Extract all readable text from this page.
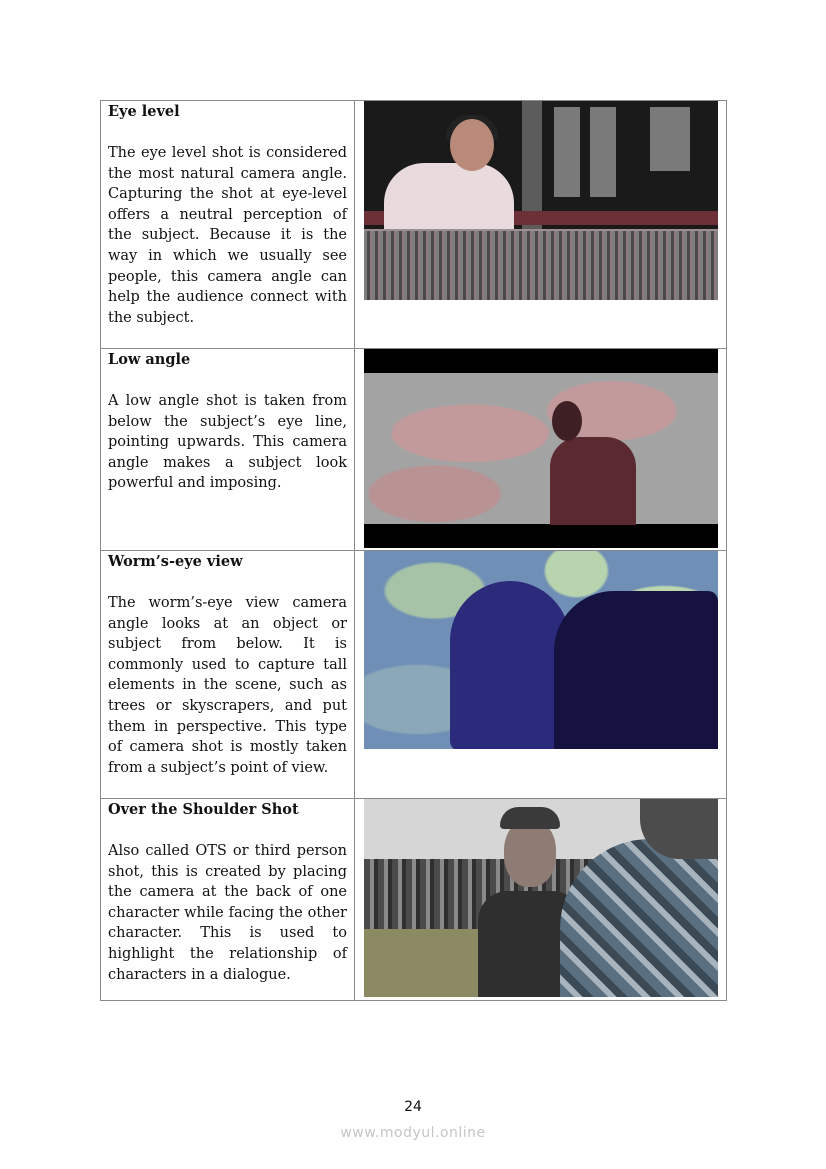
Eye level

The eye level shot is considered the most natural camera angle. Capturing the shot at eye-level offers a neutral perception of the subject. Because it is the way in which we usually see people, this camera angle can help the audience connect with the subject.	

Low angle

A low angle shot is taken from below the subject’s eye line, pointing upwards. This camera angle makes a subject look powerful and imposing.	

Worm’s-eye view

The worm’s-eye view camera angle looks at an object or subject from below. It is commonly used to capture tall elements in the scene, such as trees or skyscrapers, and put them in perspective. This type of camera shot is mostly taken from a subject’s point of view.	

Over the Shoulder Shot

Also called OTS or third person shot, this is created by placing the camera at the back of one character while facing the other character. This is used to highlight the relationship of characters in a dialogue.	

24
www.modyul.online
